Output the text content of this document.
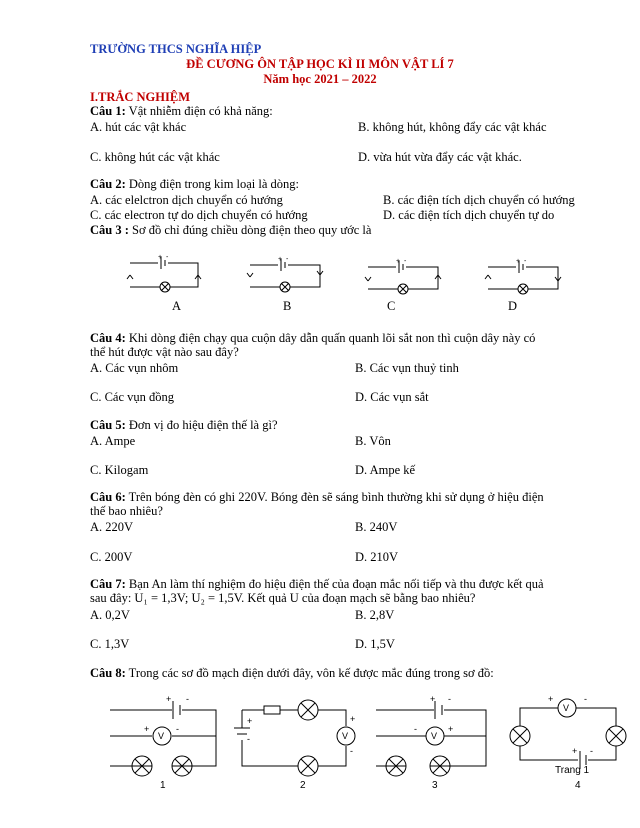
TRƯỜNG THCS NGHĨA HIỆP
ĐỀ CƯƠNG ÔN TẬP HỌC KÌ II MÔN VẬT LÍ 7
Năm học 2021 – 2022
I.TRẮC NGHIỆM
Câu 1: Vật nhiễm điện có khả năng:
A. hút các vật khác	B. không hút, không đẩy các vật khác
C. không hút các vật khác	D. vừa hút vừa đẩy các vật khác.
Câu 2: Dòng điện trong kim loại là dòng:
A. các elelctron dịch chuyển có hướng	B. các điện tích dịch chuyển có hướng
C. các electron tự do dịch chuyển có hướng	D. các điện tích dịch chuyển tự do
Câu 3 : Sơ đồ chỉ đúng chiều dòng điện theo quy ước là
+ -	+ -	+ -	+ -
A	B	C	D
Câu 4: Khi dòng điện chạy qua cuộn dây dẫn quấn quanh lõi sắt non thì cuộn dây này có
thể hút được vật nào sau đây?
A. Các vụn nhôm	B. Các vụn thuỷ tinh
C. Các vụn đồng	D. Các vụn sắt
Câu 5: Đơn vị đo hiệu điện thế là gì?
A. Ampe	B. Vôn
C. Kilogam	D. Ampe kế
Câu 6: Trên bóng đèn có ghi 220V. Bóng đèn sẽ sáng bình thường khi sử dụng ở hiệu điện
thế bao nhiêu?
A. 220V	B. 240V
C. 200V	D. 210V
Câu 7: Bạn An làm thí nghiệm đo hiệu điện thế của đoạn mắc nối tiếp và thu được kết quả
sau đây: U₁ = 1,3V; U₂ = 1,5V. Kết quả U của đoạn mạch sẽ bằng bao nhiêu?
A. 0,2V	B. 2,8V
C. 1,3V	D. 1,5V
Câu 8: Trong các sơ đồ mạch điện dưới đây, vôn kế được mắc đúng trong sơ đồ:
V	V	V
V
+ -
+	-
+
-
+
-
+ -
-	+
+	-
+ -
1	2	3	4
Trang 1
